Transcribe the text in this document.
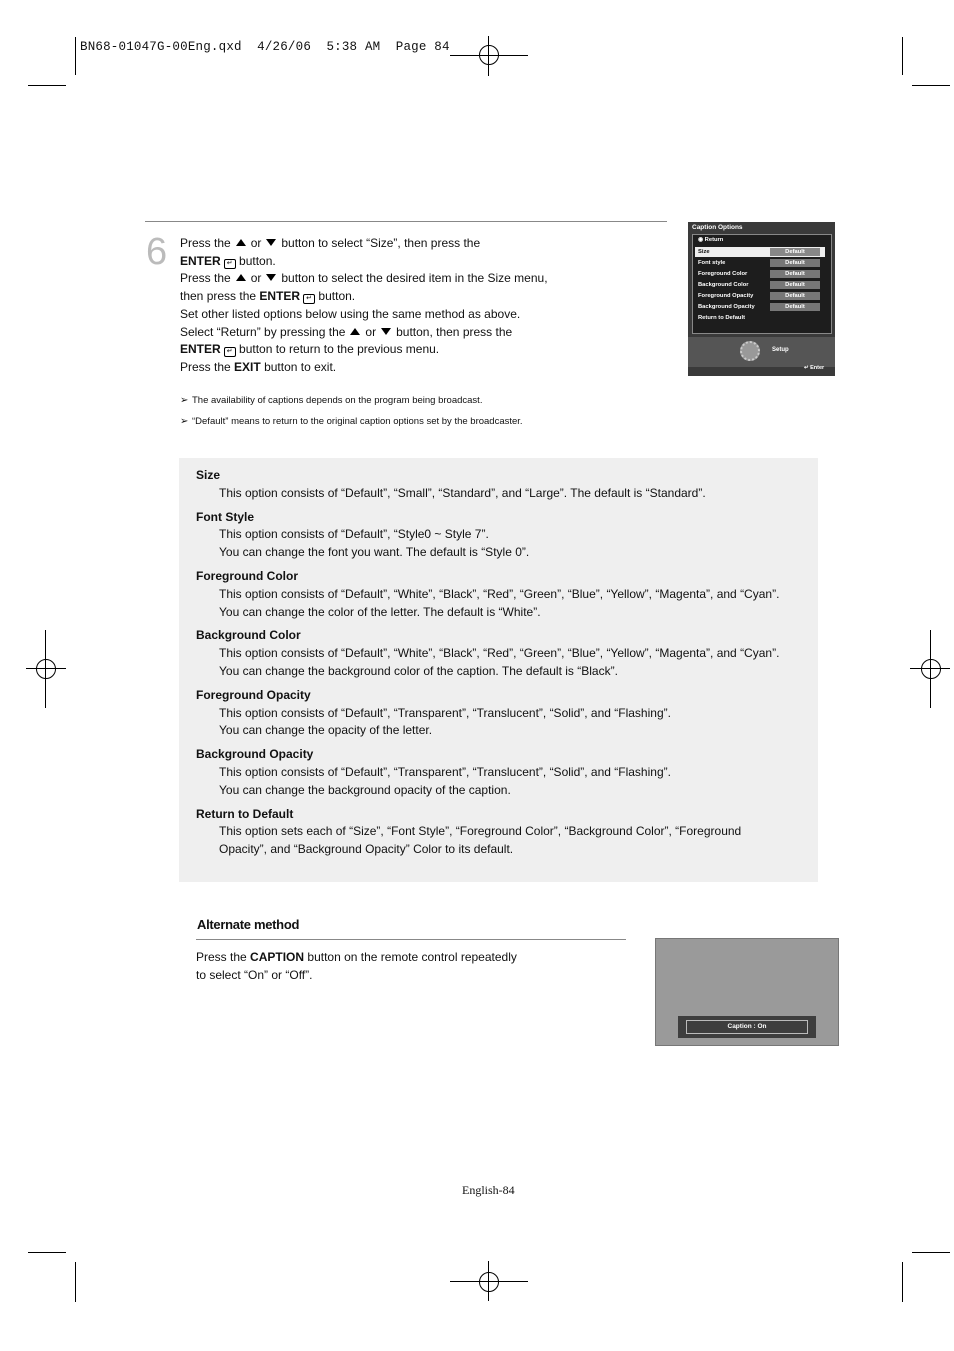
BN68-01047G-00Eng.qxd  4/26/06  5:38 AM  Page 84
6 Press the or button to select “Size”, then press the

ENTER ↵ button.

Press the or button to select the desired item in the Size menu,

then press the ENTER ↵ button.

Set other listed options below using the same method as above.

Select “Return” by pressing the or button, then press the

ENTER ↵ button to return to the previous menu.

Press the EXIT button to exit.

➢ The availability of captions depends on the program being broadcast.

➢ “Default” means to return to the original caption options set by the broadcaster.

Caption Options
◉ Return
Size	Default
Font style	Default
Foreground Color	Default
Background Color	Default
Foreground Opacity	Default
Background Opacity	Default
Return to Default
Setup
↵ Enter

Size

This option consists of “Default”, “Small”, “Standard”, and “Large”. The default is “Standard”.

Font Style

This option consists of “Default”, “Style0 ~ Style 7”.

You can change the font you want. The default is “Style 0”.

Foreground Color

This option consists of “Default”, “White”, “Black”, “Red”, “Green”, “Blue”, “Yellow”, “Magenta”, and “Cyan”.

You can change the color of the letter. The default is “White”.

Background Color

This option consists of “Default”, “White”, “Black”, “Red”, “Green”, “Blue”, “Yellow”, “Magenta”, and “Cyan”.

You can change the background color of the caption. The default is “Black”.

Foreground Opacity

This option consists of “Default”, “Transparent”, “Translucent”, “Solid”, and “Flashing”.

You can change the opacity of the letter.

Background Opacity

This option consists of “Default”, “Transparent”, “Translucent”, “Solid”, and “Flashing”.

You can change the background opacity of the caption.

Return to Default

This option sets each of “Size”, “Font Style”, “Foreground Color”, “Background Color”, “Foreground

Opacity”, and “Background Opacity” Color to its default.

Alternate method

Press the CAPTION button on the remote control repeatedly

to select “On” or “Off”.

Caption : On
English-84
